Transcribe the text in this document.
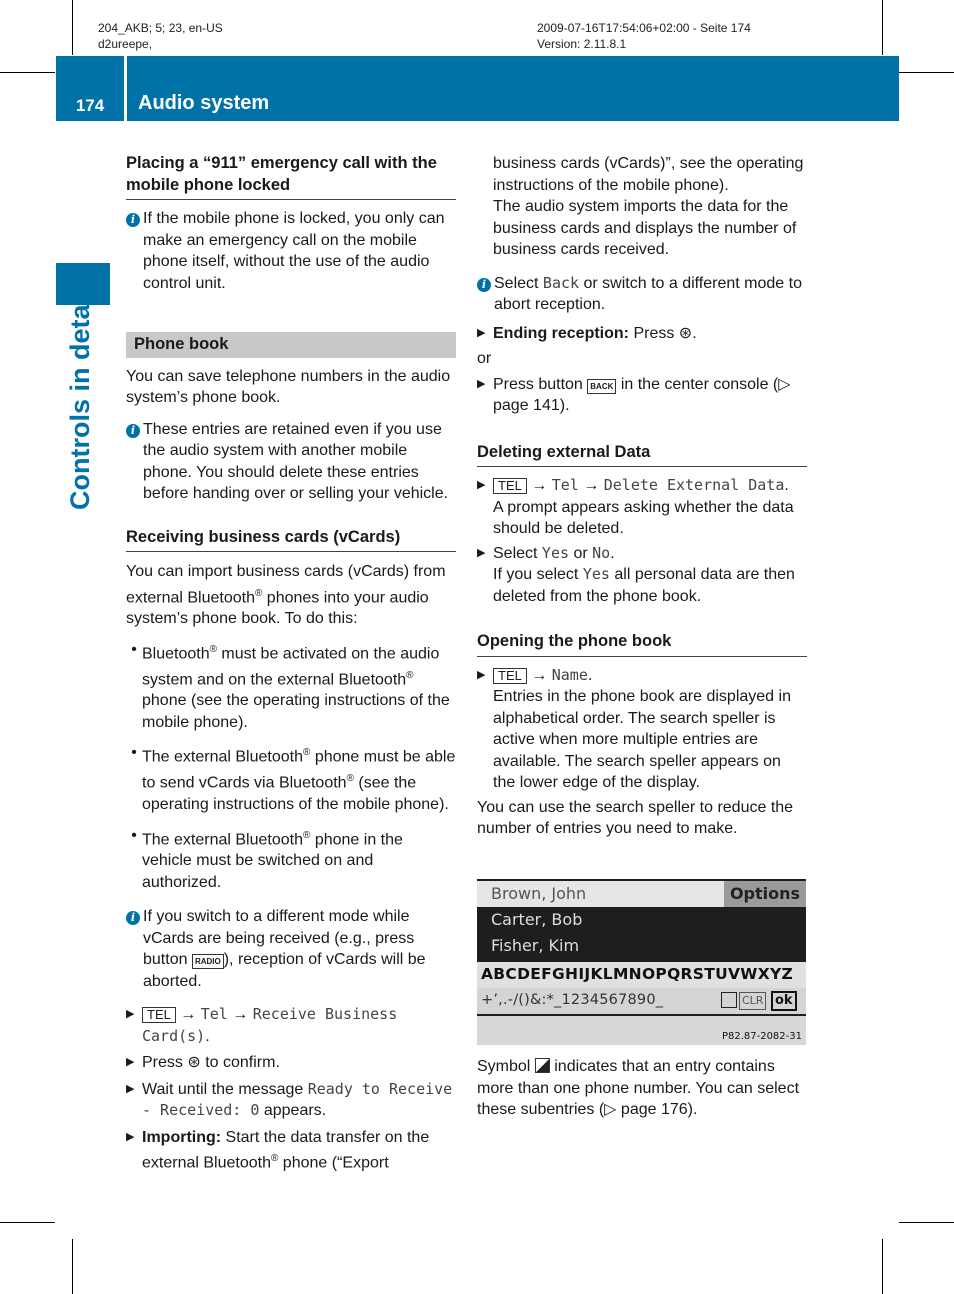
204_AKB; 5; 23, en-US
d2ureepe,
2009-07-16T17:54:06+02:00 - Seite 174
Version: 2.11.8.1
174	Audio system
Controls in detail
Placing a “911” emergency call with the mobile phone locked
i If the mobile phone is locked, you only can make an emergency call on the mobile phone itself, without the use of the audio control unit.
Phone book

You can save telephone numbers in the audio system’s phone book.

i These entries are retained even if you use the audio system with another mobile phone. You should delete these entries before handing over or selling your vehicle.
Receiving business cards (vCards)

You can import business cards (vCards) from external Bluetooth® phones into your audio system’s phone book. To do this:

• Bluetooth® must be activated on the audio system and on the external Bluetooth® phone (see the operating instructions of the mobile phone).
• The external Bluetooth® phone must be able to send vCards via Bluetooth® (see the operating instructions of the mobile phone).
• The external Bluetooth® phone in the vehicle must be switched on and authorized.
i If you switch to a different mode while vCards are being received (e.g., press button RADIO ), reception of vCards will be aborted.
▶ TEL → Tel → Receive Business Card(s).
▶ Press ⊛ to confirm.
▶ Wait until the message Ready to Receive - Received: 0 appears.
▶ Importing: Start the data transfer on the external Bluetooth® phone (“Export

business cards (vCards)”, see the operating instructions of the mobile phone).

The audio system imports the data for the business cards and displays the number of business cards received.

i Select Back or switch to a different mode to abort reception.
▶ Ending reception: Press ⊛.

or

▶ Press button BACK in the center console (▷ page 141).
Deleting external Data
▶ TEL → Tel → Delete External Data.
A prompt appears asking whether the data should be deleted.
▶ Select Yes or No.
If you select Yes all personal data are then deleted from the phone book.
Opening the phone book
▶ TEL → Name.
Entries in the phone book are displayed in alphabetical order. The search speller is active when more multiple entries are available. The search speller appears on the lower edge of the display.

You can use the search speller to reduce the number of entries you need to make.

Brown, John	Options
Carter, Bob
Fisher, Kim
ABCDEFGHIJKLMNOPQRSTUVWXYZ
+’,.-/()&:*_1234567890_	CLR ok
P82.87-2082-31

Symbol  indicates that an entry contains more than one phone number. You can select these subentries (▷ page 176).
